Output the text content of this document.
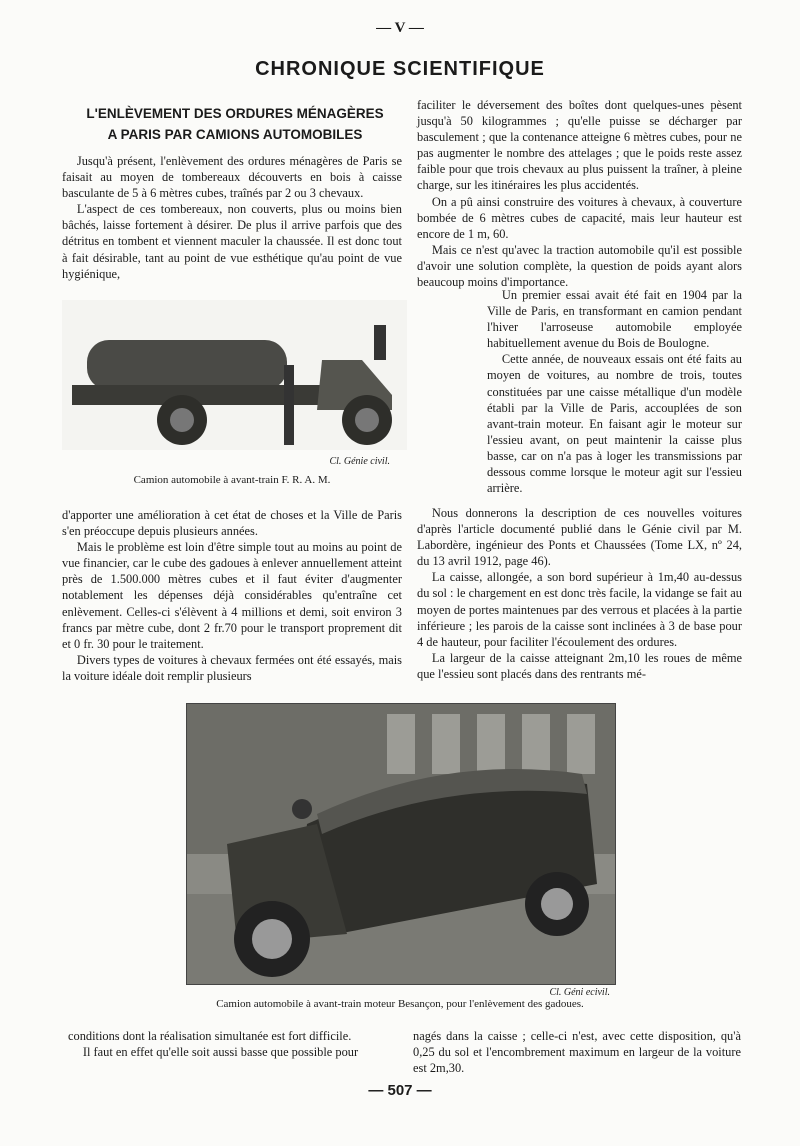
— V —
CHRONIQUE SCIENTIFIQUE
L'ENLÈVEMENT DES ORDURES MÉNAGÈRES
A PARIS PAR CAMIONS AUTOMOBILES

Jusqu'à présent, l'enlèvement des ordures ménagères de Paris se faisait au moyen de tombereaux découverts en bois à caisse basculante de 5 à 6 mètres cubes, traînés par 2 ou 3 chevaux.

L'aspect de ces tombereaux, non couverts, plus ou moins bien bâchés, laisse fortement à désirer. De plus il arrive parfois que des détritus en tombent et viennent maculer la chaussée. Il est donc tout à fait désirable, tant au point de vue esthétique qu'au point de vue hygiénique,

Cl. Génie civil.
Camion automobile à avant-train F. R. A. M.

d'apporter une amélioration à cet état de choses et la Ville de Paris s'en préoccupe depuis plusieurs années.

Mais le problème est loin d'être simple tout au moins au point de vue financier, car le cube des gadoues à enlever annuellement atteint près de 1.500.000 mètres cubes et il faut éviter d'augmenter notablement les dépenses déjà considérables qu'entraîne cet enlèvement. Celles-ci s'élèvent à 4 millions et demi, soit environ 3 francs par mètre cube, dont 2 fr.70 pour le transport proprement dit et 0 fr. 30 pour le traitement.

Divers types de voitures à chevaux fermées ont été essayés, mais la voiture idéale doit remplir plusieurs

faciliter le déversement des boîtes dont quelques-unes pèsent jusqu'à 50 kilogrammes ; qu'elle puisse se décharger par basculement ; que la contenance atteigne 6 mètres cubes, pour ne pas augmenter le nombre des attelages ; que le poids reste assez faible pour que trois chevaux au plus puissent la traîner, à pleine charge, sur les itinéraires les plus accidentés.

On a pû ainsi construire des voitures à chevaux, à couverture bombée de 6 mètres cubes de capacité, mais leur hauteur est encore de 1 m, 60.

Mais ce n'est qu'avec la traction automobile qu'il est possible d'avoir une solution complète, la question de poids ayant alors beaucoup moins d'importance.

Un premier essai avait été fait en 1904 par la Ville de Paris, en transformant en camion pendant l'hiver l'arroseuse automobile employée habituellement avenue du Bois de Boulogne.

Cette année, de nouveaux essais ont été faits au moyen de voitures, au nombre de trois, toutes constituées par une caisse métallique d'un modèle établi par la Ville de Paris, accouplées de son avant-train moteur. En faisant agir le moteur sur l'essieu avant, on peut maintenir la caisse plus basse, car on n'a pas à loger les transmissions par dessous comme lorsque le moteur agit sur l'essieu arrière.

Nous donnerons la description de ces nouvelles voitures d'après l'article documenté publié dans le Génie civil par M. Labordère, ingénieur des Ponts et Chaussées (Tome LX, nº 24, du 13 avril 1912, page 46).

La caisse, allongée, a son bord supérieur à 1m,40 au-dessus du sol : le chargement en est donc très facile, la vidange se fait au moyen de portes maintenues par des verrous et placées à la partie inférieure ; les parois de la caisse sont inclinées à 3 de base pour 4 de hauteur, pour faciliter l'écoulement des ordures.

La largeur de la caisse atteignant 2m,10 les roues de même que l'essieu sont placés dans des rentrants mé-

Cl. Géni ecivil.
Camion automobile à avant-train moteur Besançon, pour l'enlèvement des gadoues.

conditions dont la réalisation simultanée est fort difficile.

Il faut en effet qu'elle soit aussi basse que possible pour

nagés dans la caisse ; celle-ci n'est, avec cette disposition, qu'à 0,25 du sol et l'encombrement maximum en largeur de la voiture est 2m,30.

— 507 —
